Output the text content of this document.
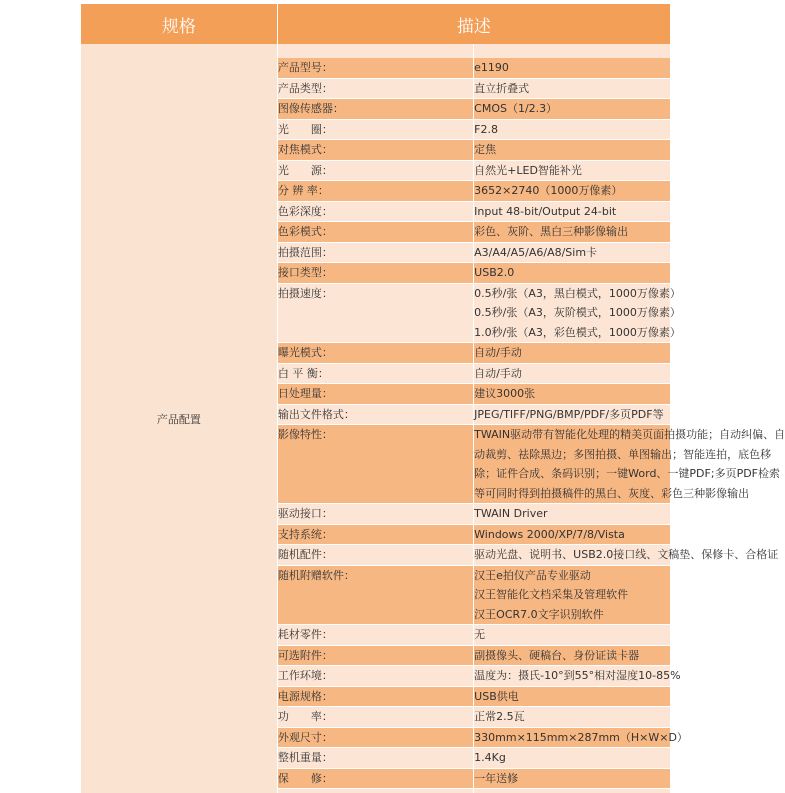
规格	描述	
产品配置		
	产品型号：	e1190

	产品类型：	直立折叠式

	图像传感器：	CMOS（1/2.3）

	光　　圈：	F2.8

	对焦模式：	定焦

	光　　源：	自然光+LED智能补光

	分 辨 率：	3652×2740（1000万像素）

	色彩深度：	Input 48-bit/Output 24-bit

	色彩模式：	彩色、灰阶、黑白三种影像输出

	拍摄范围：	A3/A4/A5/A6/A8/Sim卡

	接口类型：	USB2.0

	拍摄速度：	0.5秒/张（A3，黑白模式，1000万像素）
0.5秒/张（A3，灰阶模式，1000万像素）
1.0秒/张（A3，彩色模式，1000万像素）

	曝光模式：	自动/手动

	白 平 衡：	自动/手动

	日处理量：	建议3000张

	输出文件格式：	JPEG/TIFF/PNG/BMP/PDF/多页PDF等

	影像特性：	TWAIN驱动带有智能化处理的精美页面拍摄功能；自动纠偏、自
动裁剪、祛除黑边；多图拍摄、单图输出；智能连拍，底色移
除；证件合成、条码识别；一键Word、一键PDF;多页PDF检索
等可同时得到拍摄稿件的黑白、灰度、彩色三种影像输出

	驱动接口：	TWAIN Driver

	支持系统：	Windows 2000/XP/7/8/Vista

	随机配件：	驱动光盘、说明书、USB2.0接口线、文稿垫、保修卡、合格证

	随机附赠软件：	汉王e拍仪产品专业驱动
汉王智能化文档采集及管理软件
汉王OCR7.0文字识别软件

	耗材零件：	无

	可选附件：	副摄像头、硬稿台、身份证读卡器

	工作环境：	温度为：摄氏-10°到55°相对湿度10-85%

	电源规格：	USB供电

	功　　率：	正常2.5瓦

	外观尺寸：	330mm×115mm×287mm（H×W×D）

	整机重量：	1.4Kg

	保　　修：	一年送修
